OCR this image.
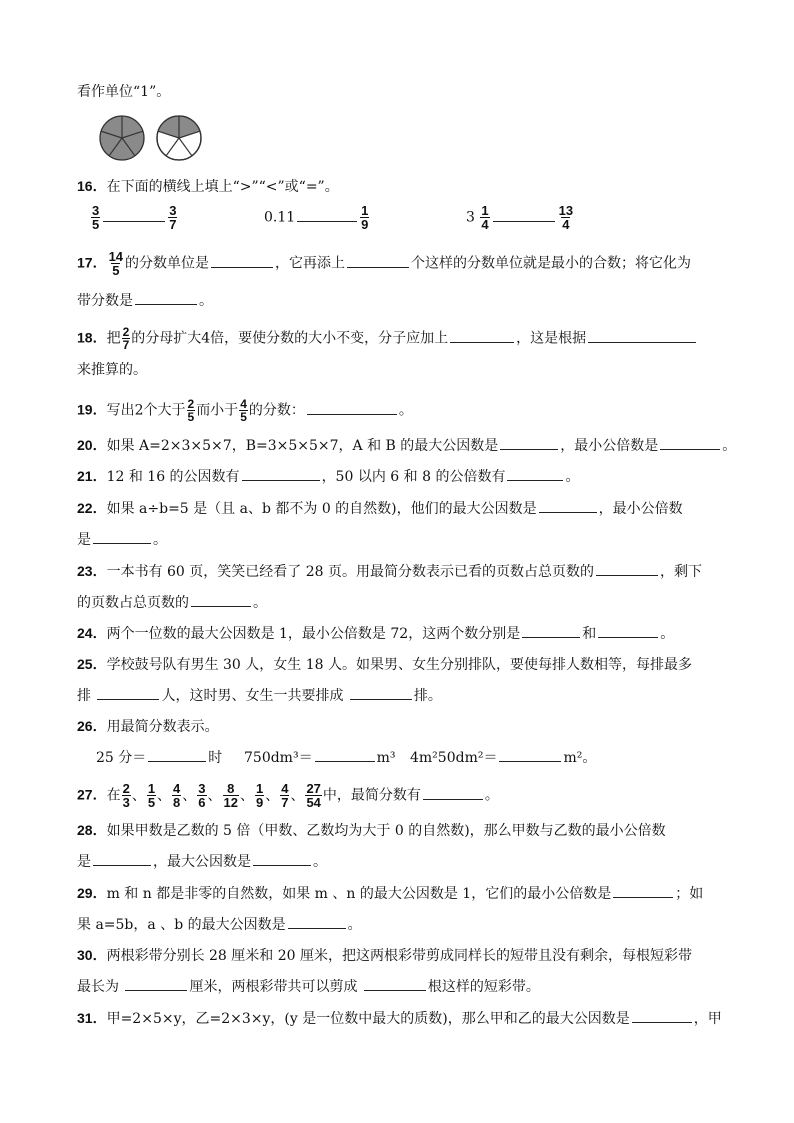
看作单位“1”。
16．在下面的横线上填上“>”“<”或“=”。
$\frac{3}{5}$	$\frac{3}{7}$	0.11	$\frac{1}{9}$	$3 \frac{1}{4}$	$\frac{13}{4}$
17． $\frac{14}{5}$ 的分数单位是	，它再添上	个这样的分数单位就是最小的合数；将它化为
带分数是	。
18．把 $\frac{2}{7}$ 的分母扩大4倍，要使分数的大小不变，分子应加上	，这是根据
来推算的。
19．写出2个大于 $\frac{2}{5}$ 而小于 $\frac{4}{5}$ 的分数：	。
20．如果 A=2×3×5×7，B=3×5×5×7，A 和 B 的最大公因数是	，最小公倍数是	。
21．12 和 16 的公因数有	，50 以内 6 和 8 的公倍数有	。
22．如果 a÷b=5 是（且 a、b 都不为 0 的自然数)，他们的最大公因数是	，最小公倍数
是	。
23．一本书有 60 页，笑笑已经看了 28 页。用最简分数表示已看的页数占总页数的	，剩下
的页数占总页数的	。
24．两个一位数的最大公因数是 1，最小公倍数是 72，这两个数分别是	和	。
25．学校鼓号队有男生 30 人，女生 18 人。如果男、女生分别排队，要使每排人数相等，每排最多
排	人，这时男、女生一共要排成	排。
26．用最简分数表示。
25 分＝	时 750dm³＝	m³ 4m²50dm²＝	m²。
27．在 $\frac{2}{3}$ 、 $\frac{1}{5}$ 、 $\frac{4}{8}$ 、 $\frac{3}{6}$ 、 $\frac{8}{12}$ 、 $\frac{1}{9}$ 、 $\frac{4}{7}$ 、 $\frac{27}{54}$ 中，最简分数有	。
28．如果甲数是乙数的 5 倍（甲数、乙数均为大于 0 的自然数)，那么甲数与乙数的最小公倍数
是	，最大公因数是	。
29．m 和 n 都是非零的自然数，如果 m 、n 的最大公因数是 1，它们的最小公倍数是	；如
果 a=5b，a 、b 的最大公因数是	。
30．两根彩带分别长 28 厘米和 20 厘米，把这两根彩带剪成同样长的短带且没有剩余，每根短彩带
最长为	厘米，两根彩带共可以剪成	根这样的短彩带。
31．甲=2×5×y，乙=2×3×y，(y 是一位数中最大的质数)，那么甲和乙的最大公因数是	，甲
